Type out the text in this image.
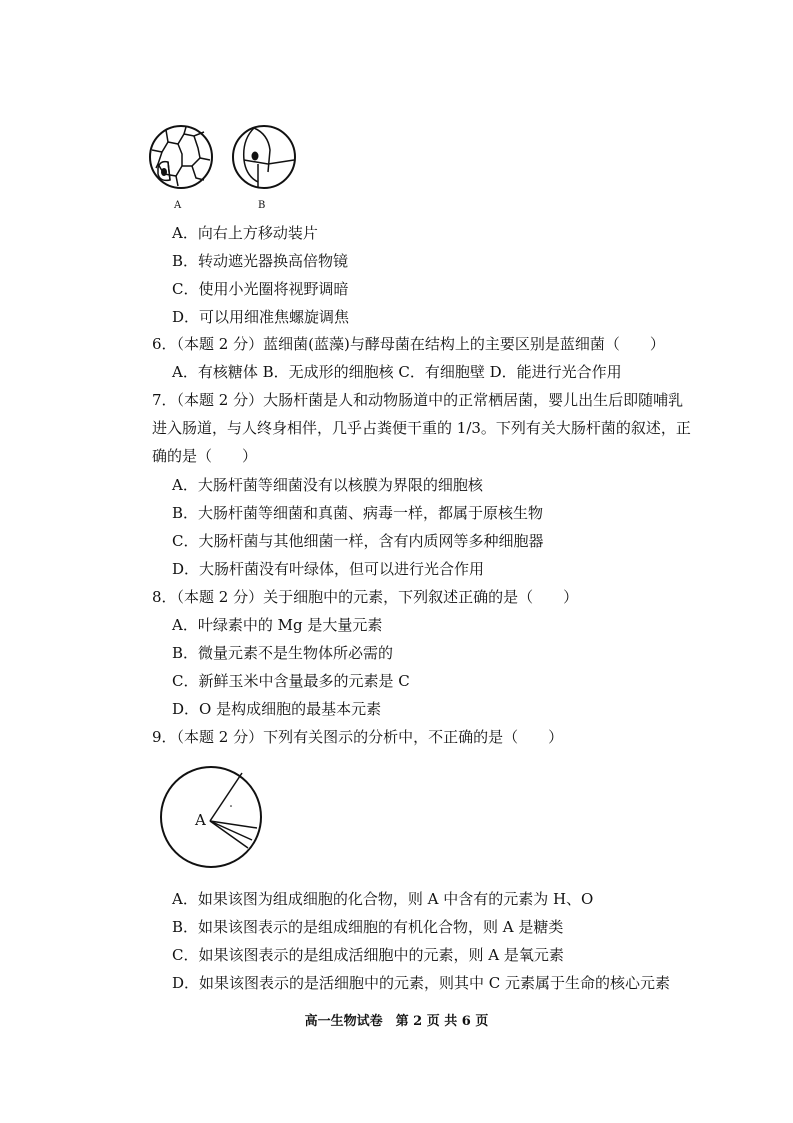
A	B
A．向右上方移动装片
B．转动遮光器换高倍物镜
C．使用小光圈将视野调暗
D．可以用细准焦螺旋调焦
6．（本题 2 分）蓝细菌(蓝藻)与酵母菌在结构上的主要区别是蓝细菌（　　）
A．有核糖体 B．无成形的细胞核 C．有细胞壁 D．能进行光合作用
7．（本题 2 分）大肠杆菌是人和动物肠道中的正常栖居菌，婴儿出生后即随哺乳
进入肠道，与人终身相伴，几乎占粪便干重的 1/3。下列有关大肠杆菌的叙述，正
确的是（　　）
A．大肠杆菌等细菌没有以核膜为界限的细胞核
B．大肠杆菌等细菌和真菌、病毒一样，都属于原核生物
C．大肠杆菌与其他细菌一样，含有内质网等多种细胞器
D．大肠杆菌没有叶绿体，但可以进行光合作用
8．（本题 2 分）关于细胞中的元素，下列叙述正确的是（　　）
A．叶绿素中的 Mg 是大量元素
B．微量元素不是生物体所必需的
C．新鲜玉米中含量最多的元素是 C
D．O 是构成细胞的最基本元素
9．（本题 2 分）下列有关图示的分析中，不正确的是（　　）
A
A．如果该图为组成细胞的化合物，则 A 中含有的元素为 H、O
B．如果该图表示的是组成细胞的有机化合物，则 A 是糖类
C．如果该图表示的是组成活细胞中的元素，则 A 是氧元素
D．如果该图表示的是活细胞中的元素，则其中 C 元素属于生命的核心元素
高一生物试卷　第 2 页 共 6 页
